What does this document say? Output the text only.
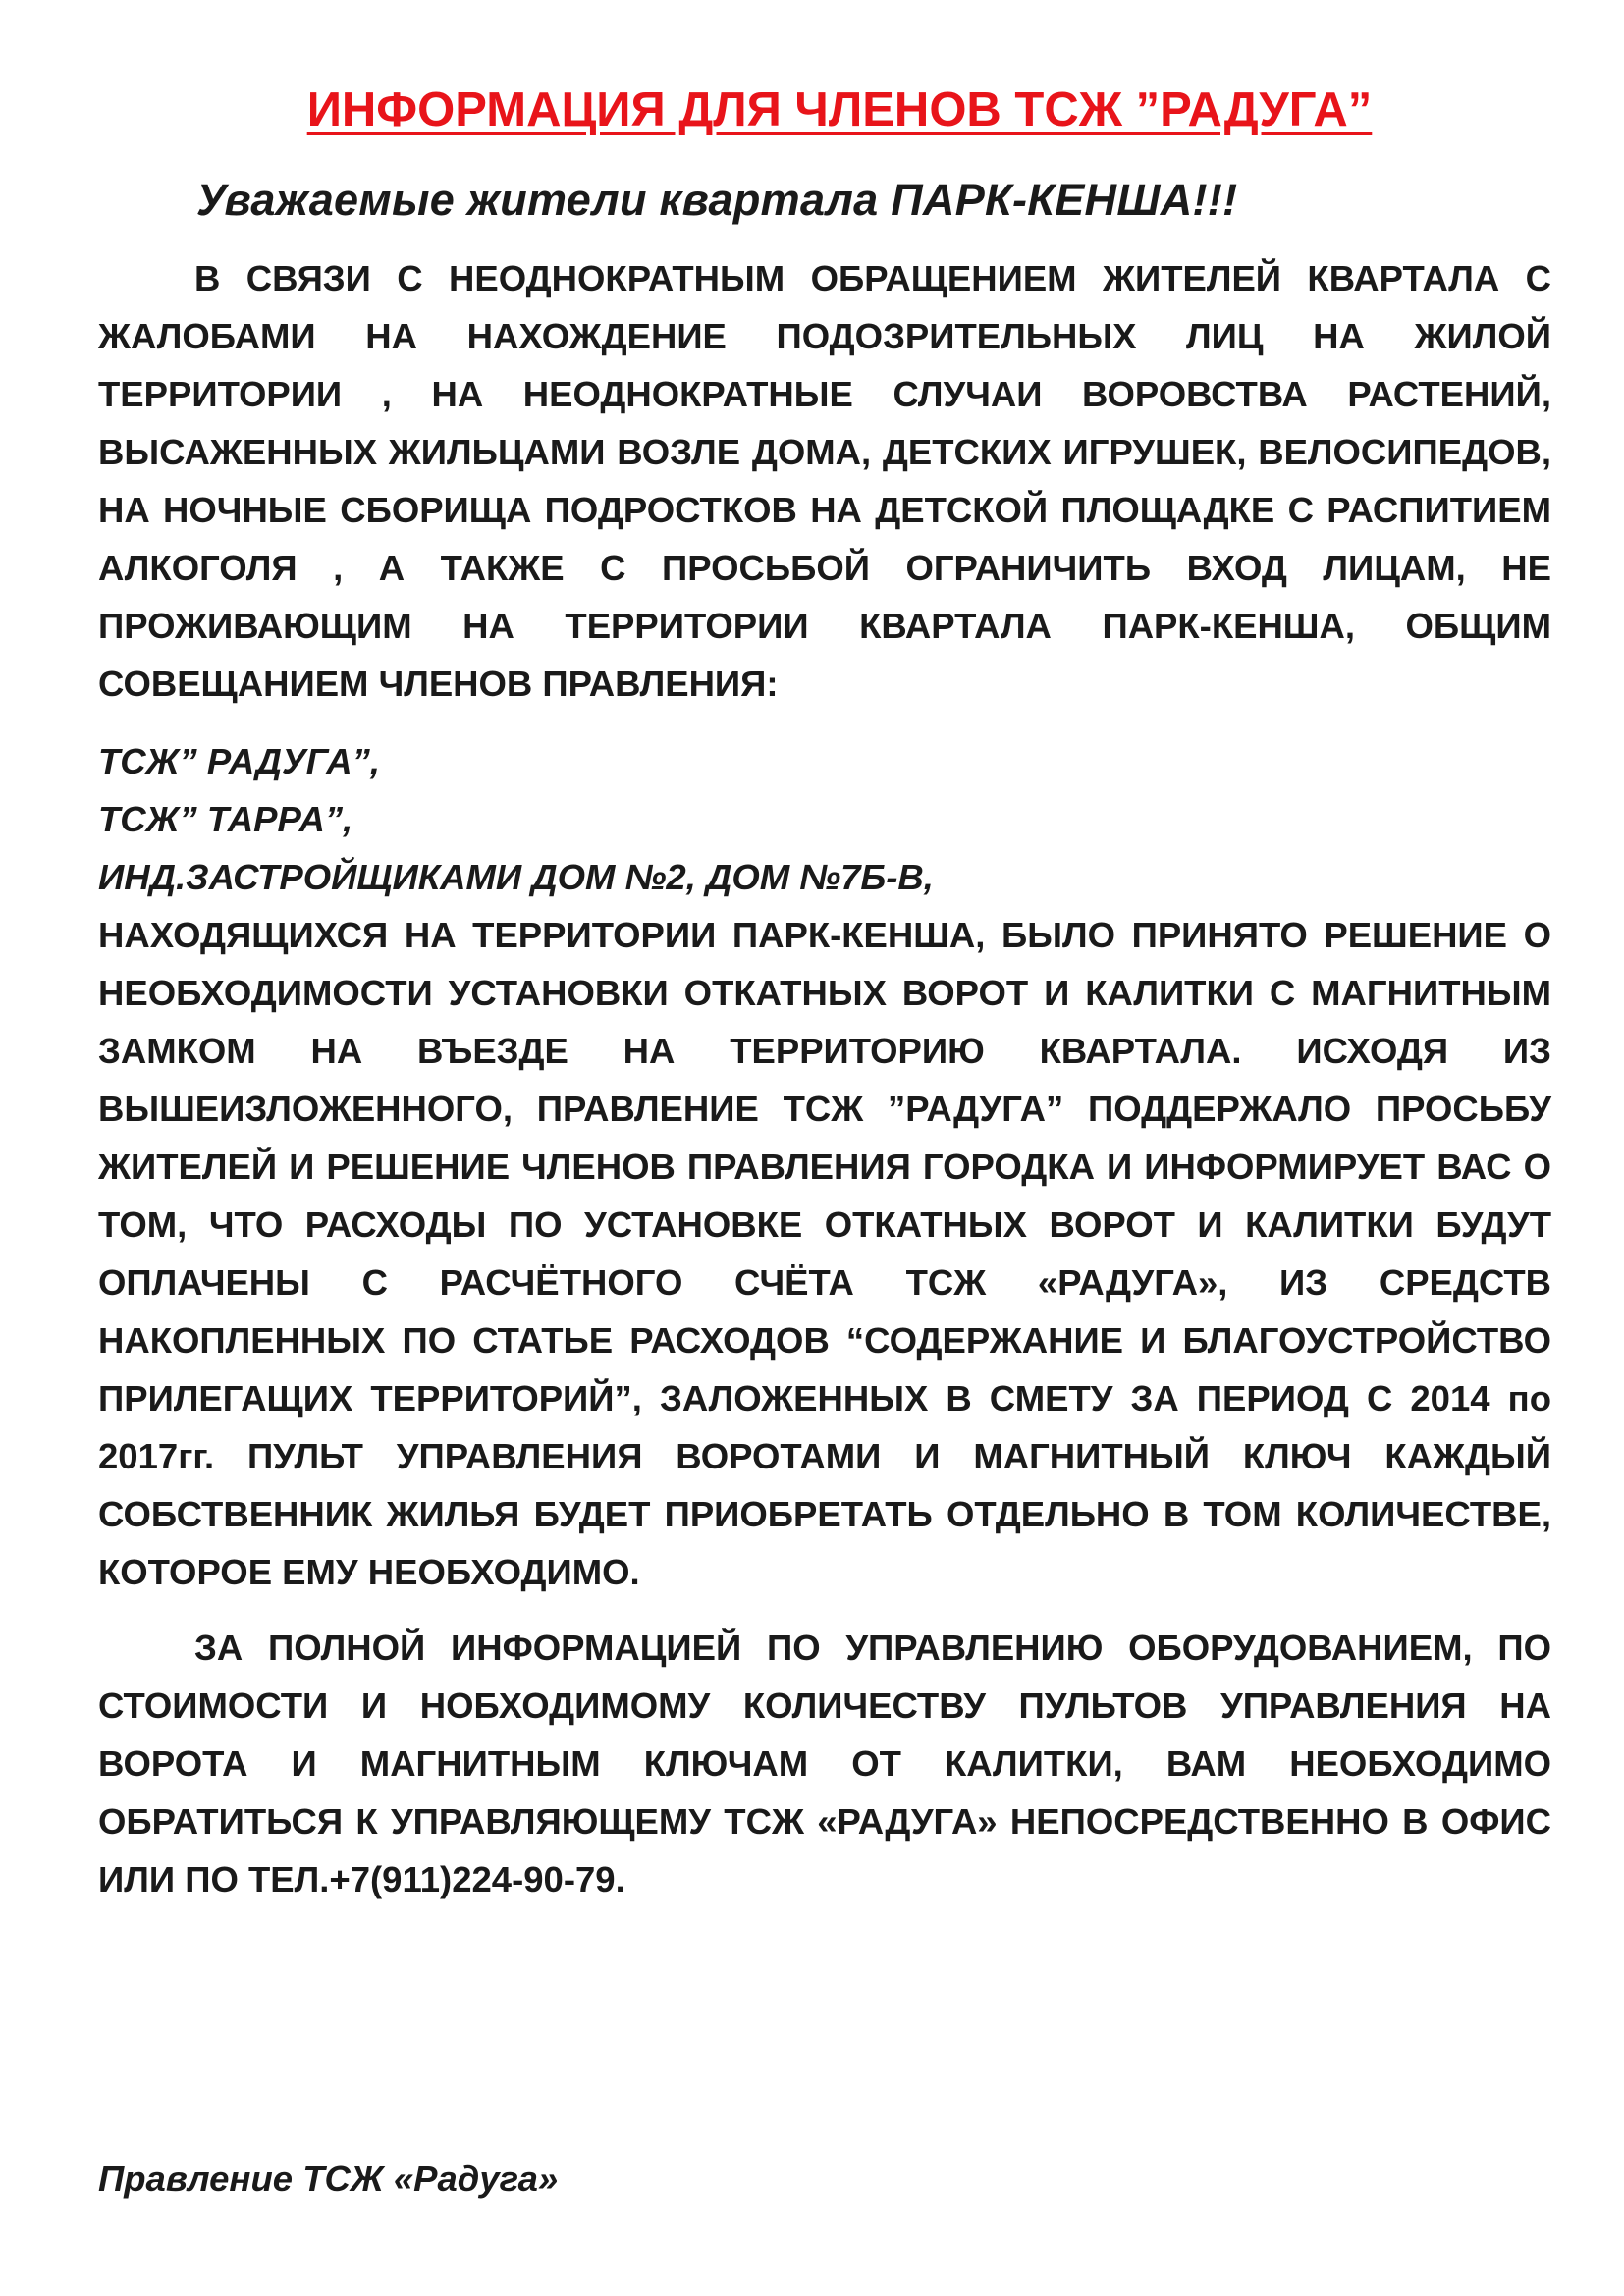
ИНФОРМАЦИЯ ДЛЯ ЧЛЕНОВ ТСЖ ”РАДУГА”

Уважаемые жители квартала ПАРК-КЕНША!!!

В СВЯЗИ С НЕОДНОКРАТНЫМ ОБРАЩЕНИЕМ ЖИТЕЛЕЙ КВАРТАЛА С ЖАЛОБАМИ НА НАХОЖДЕНИЕ ПОДОЗРИТЕЛЬНЫХ ЛИЦ НА ЖИЛОЙ ТЕРРИТОРИИ , НА НЕОДНОКРАТНЫЕ СЛУЧАИ ВОРОВСТВА РАСТЕНИЙ, ВЫСАЖЕННЫХ ЖИЛЬЦАМИ ВОЗЛЕ ДОМА, ДЕТСКИХ ИГРУШЕК, ВЕЛОСИПЕДОВ, НА НОЧНЫЕ СБОРИЩА ПОДРОСТКОВ НА ДЕТСКОЙ ПЛОЩАДКЕ С РАСПИТИЕМ АЛКОГОЛЯ , А ТАКЖЕ С ПРОСЬБОЙ ОГРАНИЧИТЬ ВХОД ЛИЦАМ, НЕ ПРОЖИВАЮЩИМ НА ТЕРРИТОРИИ КВАРТАЛА ПАРК-КЕНША, ОБЩИМ СОВЕЩАНИЕМ ЧЛЕНОВ ПРАВЛЕНИЯ:

ТСЖ” РАДУГА”,

ТСЖ” ТАРРА”,

ИНД.ЗАСТРОЙЩИКАМИ ДОМ №2, ДОМ №7Б-В,

НАХОДЯЩИХСЯ НА ТЕРРИТОРИИ ПАРК-КЕНША, БЫЛО ПРИНЯТО РЕШЕНИЕ О НЕОБХОДИМОСТИ УСТАНОВКИ ОТКАТНЫХ ВОРОТ И КАЛИТКИ С МАГНИТНЫМ ЗАМКОМ НА ВЪЕЗДЕ НА ТЕРРИТОРИЮ КВАРТАЛА. ИСХОДЯ ИЗ ВЫШЕИЗЛОЖЕННОГО, ПРАВЛЕНИЕ ТСЖ ”РАДУГА” ПОДДЕРЖАЛО ПРОСЬБУ ЖИТЕЛЕЙ И РЕШЕНИЕ ЧЛЕНОВ ПРАВЛЕНИЯ ГОРОДКА И ИНФОРМИРУЕТ ВАС О ТОМ, ЧТО РАСХОДЫ ПО УСТАНОВКЕ ОТКАТНЫХ ВОРОТ И КАЛИТКИ БУДУТ ОПЛАЧЕНЫ С РАСЧЁТНОГО СЧЁТА ТСЖ «РАДУГА», ИЗ СРЕДСТВ НАКОПЛЕННЫХ ПО СТАТЬЕ РАСХОДОВ “СОДЕРЖАНИЕ И БЛАГОУСТРОЙСТВО ПРИЛЕГАЩИХ ТЕРРИТОРИЙ”, ЗАЛОЖЕННЫХ В СМЕТУ ЗА ПЕРИОД С 2014 по 2017гг. ПУЛЬТ УПРАВЛЕНИЯ ВОРОТАМИ И МАГНИТНЫЙ КЛЮЧ КАЖДЫЙ СОБСТВЕННИК ЖИЛЬЯ БУДЕТ ПРИОБРЕТАТЬ ОТДЕЛЬНО В ТОМ КОЛИЧЕСТВЕ, КОТОРОЕ ЕМУ НЕОБХОДИМО.

ЗА ПОЛНОЙ ИНФОРМАЦИЕЙ ПО УПРАВЛЕНИЮ ОБОРУДОВАНИЕМ, ПО СТОИМОСТИ И НОБХОДИМОМУ КОЛИЧЕСТВУ ПУЛЬТОВ УПРАВЛЕНИЯ НА ВОРОТА И МАГНИТНЫМ КЛЮЧАМ ОТ КАЛИТКИ, ВАМ НЕОБХОДИМО ОБРАТИТЬСЯ К УПРАВЛЯЮЩЕМУ ТСЖ «РАДУГА» НЕПОСРЕДСТВЕННО В ОФИС ИЛИ ПО ТЕЛ.+7(911)224-90-79.

Правление ТСЖ «Радуга»
